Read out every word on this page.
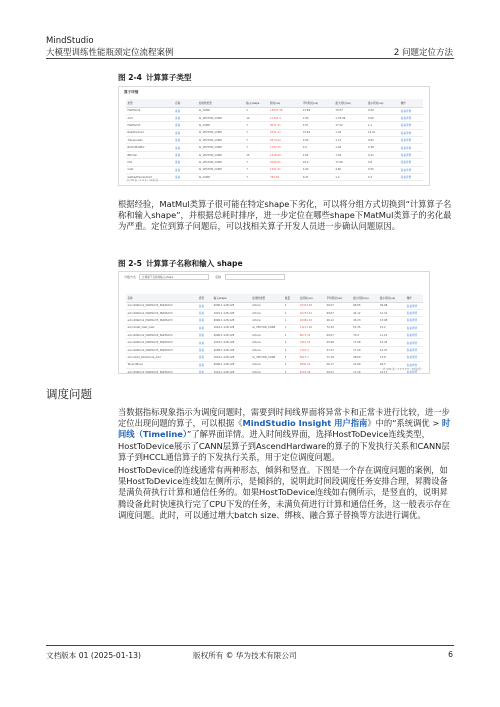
MindStudio
大模型训练性能瓶颈定位流程案例	2 问题定位方法
图 2-4 计算算子类型
算子详情
类型	名称	加速核类型	输入shape	耗时(us)	平均耗时(us)	最大耗时(us)	最小耗时(us)	操作
MatMulV2	查看	AI_CORE	1	13847.38	13.89	70.57	0.00	查看详情
Add	查看	AI_VECTOR_CORE	14	11763.4	1.00	1.78.06	0.00	查看详情
MatMulV3	查看	AI_CORE	7	8071.31	3.57	17.52	1.1	查看详情
RealDivGrad	查看	AI_VECTOR_CORE	7	6791.27	73.64	1.04	13.01	查看详情
TransposeD	查看	AI_VECTOR_CORE	7	6574.02	3.09	1.13	0.82	查看详情
BatchMatMul	查看	AI_VECTOR_CORE	7	1787.35	0.4	1.04	0.38	查看详情
BNinfer	查看	AI_VECTOR_CORE	15	1538.06	1.65	7.94	0.21	查看详情
Mul	查看	AI_VECTOR_CORE	7	2046.41	10.0	77.08	0.6	查看详情
Cast	查看	AI_VECTOR_CORE	7	1641.21	1.00	4.60	0.55	查看详情
GatherElementsV2	查看	AI_CORE	7	783.00	0.47	1.2	0.1	查看详情
共 58 条 ‹ 1 2 3 › 10条/页
根据经验，MatMul类算子很可能在特定shape下劣化，可以将分组方式切换到“计算算子名称和输入shape”，并根据总耗时排序，进一步定位在哪些shape下MatMul类算子的劣化最为严重。定位到算子问题后，可以找相关算子开发人员进一步确认问题原因。
图 2-5 计算算子名称和输入 shape
分组方式	计算算子名称和输入shape	名称
名称	类型	输入shape	加速核类型	数量	总耗时(us)	平均耗时(us)	最大耗时(us)	最小耗时(us)	操作
aclnnMatmul_MatMulV2_MatMulV2	查看	4096,1;128,128	AICore	1	25334.89	40.57	68.65	39.98	查看详情
aclnnMatmul_MatMulV2_MatMulV2	查看	1024,1;128,128	AICore	1	16733.61	99.67	42.12	12.41	查看详情
aclnnMatmul_MatMulV3_MatMulV3	查看	4096,1;128,128	AICore	1	16384.16	46.12	43.23	13.98	查看详情
aclnnCast_Cast_Cast	查看	1024,1;128,128	AI_VECTOR_CORE	1	11131.96	72.34	51.35	15.2	查看详情
aclnnMatmul_MatMulV2_MatMulV2	查看	4096,1;128,128	AICore	1	8071.31	99.07	70.2	11.10	查看详情
aclnnMatmul_MatMulV2_MatMulV2	查看	1024,1;128,128	AICore	1	7412.55	45.98	17.08	12.43	查看详情
aclnnMatmul_MatMulV3_MatMulV3	查看	4096,1;128,128	AICore	1	7107.4	37.27	17.20	14.07	查看详情
aclnnAdd_AddAiCore_Add	查看	1024,1;128,128	AI_VECTOR_CORE	1	6013.1	71.18	28.60	13.8	查看详情
TensorMove	查看	4096,1;128,128	AICore	1	5800.22	26.17	21.89	26.5	查看详情
aclnnMatmul_MatMulV2_MatMulV2	查看	1024,1;128,128	AICore	1	4523.96	50.51	11.54	12.13	查看详情
共 120 条 ‹ 1 2 3 4 5 › 10条/页
调度问题
当数据指标现象指示为调度问题时，需要到时间线界面将异常卡和正常卡进行比较，进一步定位出现问题的算子，可以根据《MindStudio Insight 用户指南》中的“系统调优 > 时间线（Timeline）”了解界面详情。进入时间线界面，选择HostToDevice连线类型，HostToDevice展示了CANN层算子到AscendHardware的算子的下发执行关系和CANN层算子到HCCL通信算子的下发执行关系，用于定位调度问题。
HostToDevice的连线通常有两种形态，倾斜和竖直。下图是一个存在调度问题的案例，如果HostToDevice连线如左侧所示，是倾斜的，说明此时间段调度任务安排合理，昇腾设备是满负荷执行计算和通信任务的。如果HostToDevice连线如右侧所示，是竖直的，说明昇腾设备此时快速执行完了CPU下发的任务，未满负荷进行计算和通信任务，这一般表示存在调度问题。此时，可以通过增大batch size、绑核、融合算子替换等方法进行调优。
文档版本 01 (2025-01-13)	版权所有 © 华为技术有限公司	6
